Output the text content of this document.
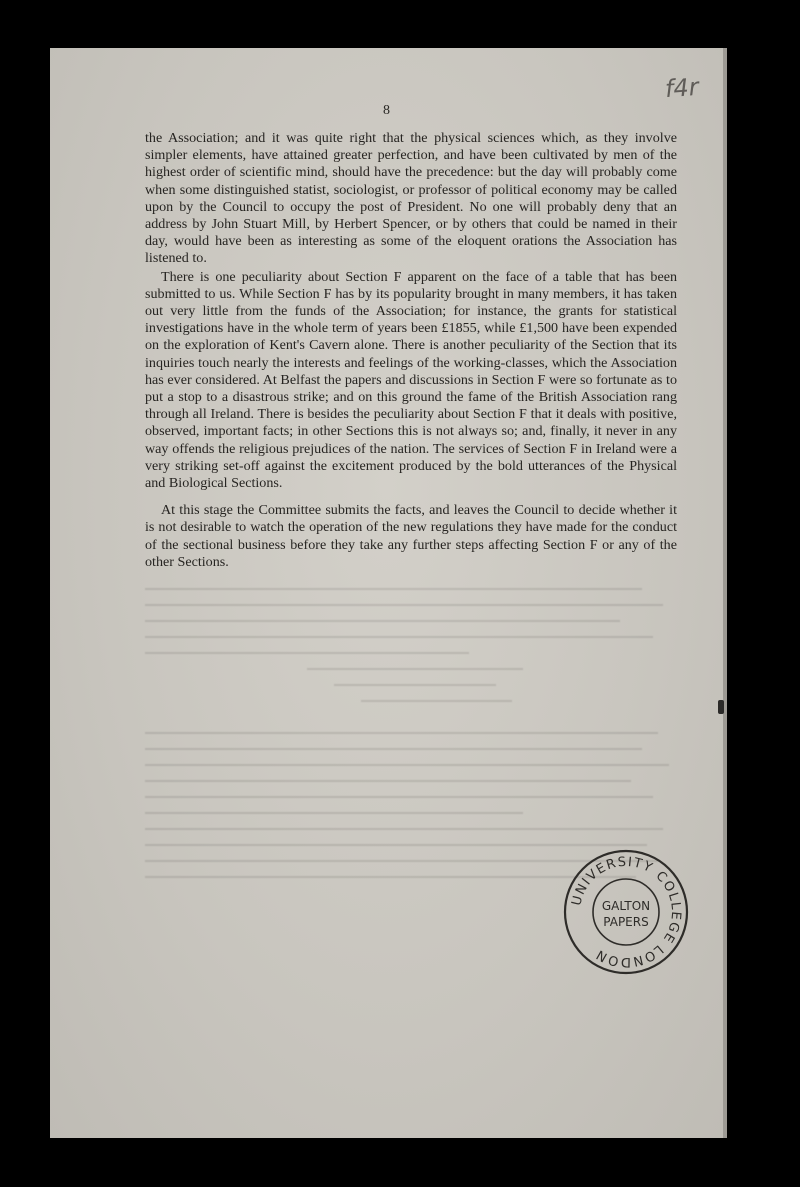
f4r
8

the Association; and it was quite right that the physical sciences which, as they involve simpler elements, have attained greater perfection, and have been cultivated by men of the highest order of scientific mind, should have the precedence: but the day will probably come when some distinguished statist, sociologist, or professor of political economy may be called upon by the Council to occupy the post of President. No one will probably deny that an address by John Stuart Mill, by Herbert Spencer, or by others that could be named in their day, would have been as interesting as some of the eloquent orations the Association has listened to.

There is one peculiarity about Section F apparent on the face of a table that has been submitted to us. While Section F has by its popularity brought in many members, it has taken out very little from the funds of the Association; for instance, the grants for statistical investigations have in the whole term of years been £1855, while £1,500 have been expended on the exploration of Kent's Cavern alone. There is another peculiarity of the Section that its inquiries touch nearly the interests and feelings of the working-classes, which the Association has ever considered. At Belfast the papers and discussions in Section F were so fortunate as to put a stop to a disastrous strike; and on this ground the fame of the British Association rang through all Ireland. There is besides the peculiarity about Section F that it deals with positive, observed, important facts; in other Sections this is not always so; and, finally, it never in any way offends the religious prejudices of the nation. The services of Section F in Ireland were a very striking set-off against the excitement produced by the bold utterances of the Physical and Biological Sections.

At this stage the Committee submits the facts, and leaves the Council to decide whether it is not desirable to watch the operation of the new regulations they have made for the conduct of the sectional business before they take any further steps affecting Section F or any of the other Sections.

UNIVERSITY COLLEGE LONDON
GALTON
PAPERS
